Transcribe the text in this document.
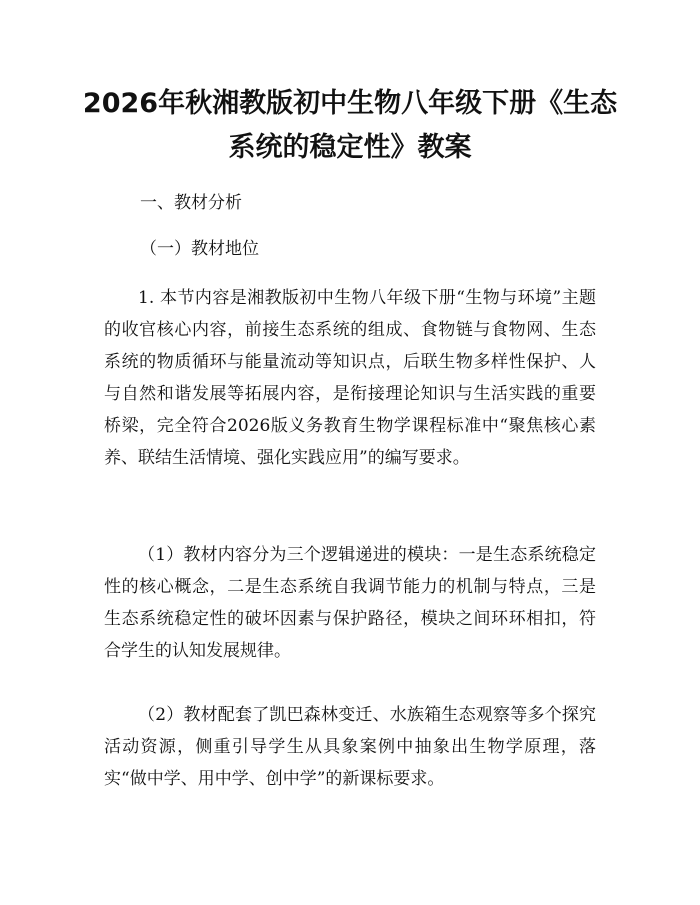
2026年秋湘教版初中生物八年级下册《生态
系统的稳定性》教案
一、教材分析
（一）教材地位

1. 本节内容是湘教版初中生物八年级下册“生物与环境”主题的收官核心内容，前接生态系统的组成、食物链与食物网、生态系统的物质循环与能量流动等知识点，后联生物多样性保护、人与自然和谐发展等拓展内容，是衔接理论知识与生活实践的重要桥梁，完全符合2026版义务教育生物学课程标准中“聚焦核心素养、联结生活情境、强化实践应用”的编写要求。

（1）教材内容分为三个逻辑递进的模块：一是生态系统稳定性的核心概念，二是生态系统自我调节能力的机制与特点，三是生态系统稳定性的破坏因素与保护路径，模块之间环环相扣，符合学生的认知发展规律。

（2）教材配套了凯巴森林变迁、水族箱生态观察等多个探究活动资源，侧重引导学生从具象案例中抽象出生物学原理，落实“做中学、用中学、创中学”的新课标要求。
